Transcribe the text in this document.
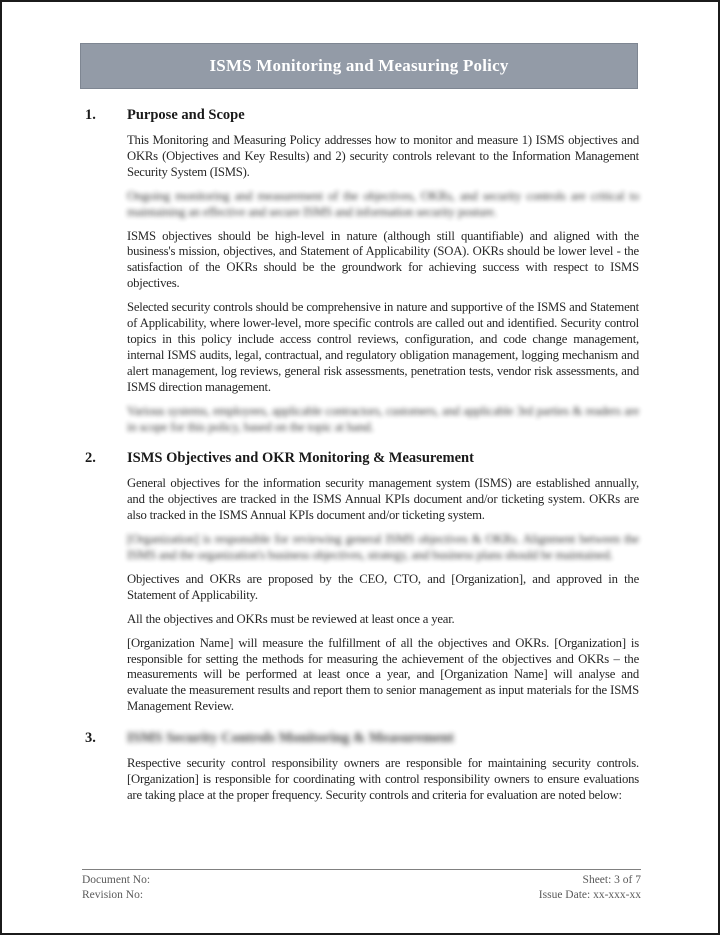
ISMS Monitoring and Measuring Policy
1.	Purpose and Scope

This Monitoring and Measuring Policy addresses how to monitor and measure 1) ISMS objectives and OKRs (Objectives and Key Results) and 2) security controls relevant to the Information Management Security System (ISMS).

Ongoing monitoring and measurement of the objectives, OKRs, and security controls are critical to maintaining an effective and secure ISMS and information security posture.

ISMS objectives should be high-level in nature (although still quantifiable) and aligned with the business's mission, objectives, and Statement of Applicability (SOA). OKRs should be lower level - the satisfaction of the OKRs should be the groundwork for achieving success with respect to ISMS objectives.

Selected security controls should be comprehensive in nature and supportive of the ISMS and Statement of Applicability, where lower-level, more specific controls are called out and identified. Security control topics in this policy include access control reviews, configuration, and code change management, internal ISMS audits, legal, contractual, and regulatory obligation management, logging mechanism and alert management, log reviews, general risk assessments, penetration tests, vendor risk assessments, and ISMS direction management.

Various systems, employees, applicable contractors, customers, and applicable 3rd parties & readers are in scope for this policy, based on the topic at hand.

2.	ISMS Objectives and OKR Monitoring & Measurement

General objectives for the information security management system (ISMS) are established annually, and the objectives are tracked in the ISMS Annual KPIs document and/or ticketing system. OKRs are also tracked in the ISMS Annual KPIs document and/or ticketing system.

[Organization] is responsible for reviewing general ISMS objectives & OKRs. Alignment between the ISMS and the organization's business objectives, strategy, and business plans should be maintained.

Objectives and OKRs are proposed by the CEO, CTO, and [Organization], and approved in the Statement of Applicability.

All the objectives and OKRs must be reviewed at least once a year.

[Organization Name] will measure the fulfillment of all the objectives and OKRs. [Organization] is responsible for setting the methods for measuring the achievement of the objectives and OKRs – the measurements will be performed at least once a year, and [Organization Name] will analyse and evaluate the measurement results and report them to senior management as input materials for the ISMS Management Review.

3.	ISMS Security Controls Monitoring & Measurement

Respective security control responsibility owners are responsible for maintaining security controls. [Organization] is responsible for coordinating with control responsibility owners to ensure evaluations are taking place at the proper frequency. Security controls and criteria for evaluation are noted below:

Document No:
Revision No:
Sheet: 3 of 7
Issue Date: xx-xxx-xx
